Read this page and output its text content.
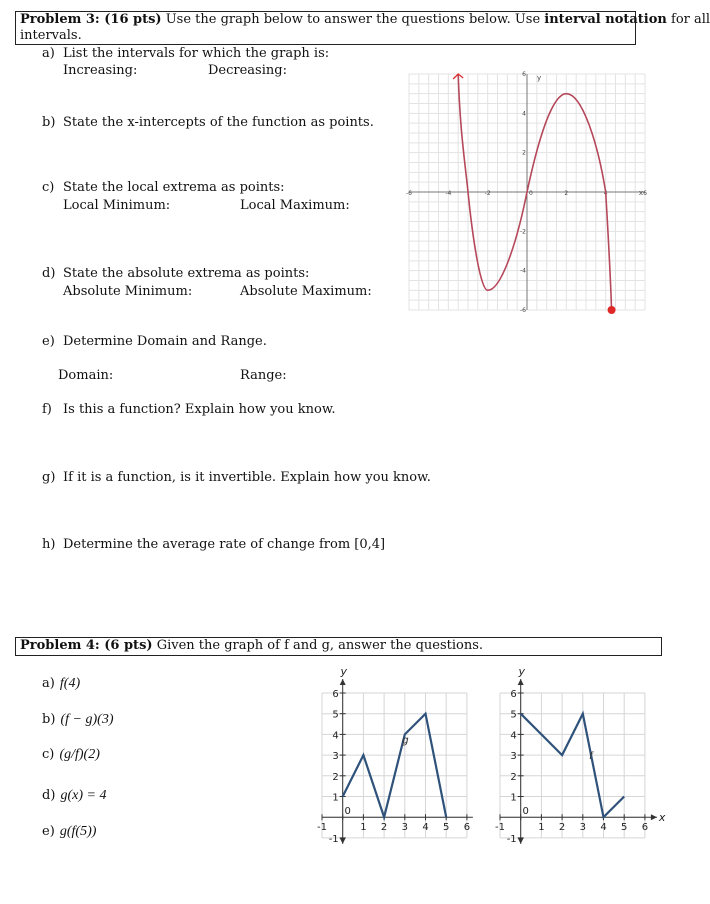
Problem 3: (16 pts) Use the graph below to answer the questions below. Use interval notation for all
intervals.
a) List the intervals for which the graph is:
Increasing:	Decreasing:
b) State the x-intercepts of the function as points.
c) State the local extrema as points:
Local Minimum:	Local Maximum:
d) State the absolute extrema as points:
Absolute Minimum:	Absolute Maximum:
e) Determine Domain and Range.
Domain:	Range:
f) Is this a function? Explain how you know.
g) If it is a function, is it invertible. Explain how you know.
h) Determine the average rate of change from [0,4]
-6	-4	-2	0	2	4	6
6
4
2
-2
-4
-6
y
x
Problem 4: (6 pts) Given the graph of f and g, answer the questions.
a) f(4)
b) (f − g)(3)
c) (g/f)(2)
d) g(x) = 4
e) g(f(5))
y
-1
0
1 2 3 4 5 6
-1
1
2
3
4
5
6
g
x
y
-1
0
1 2 3 4 5 6
-1
1
2
3
4
5
6
f
